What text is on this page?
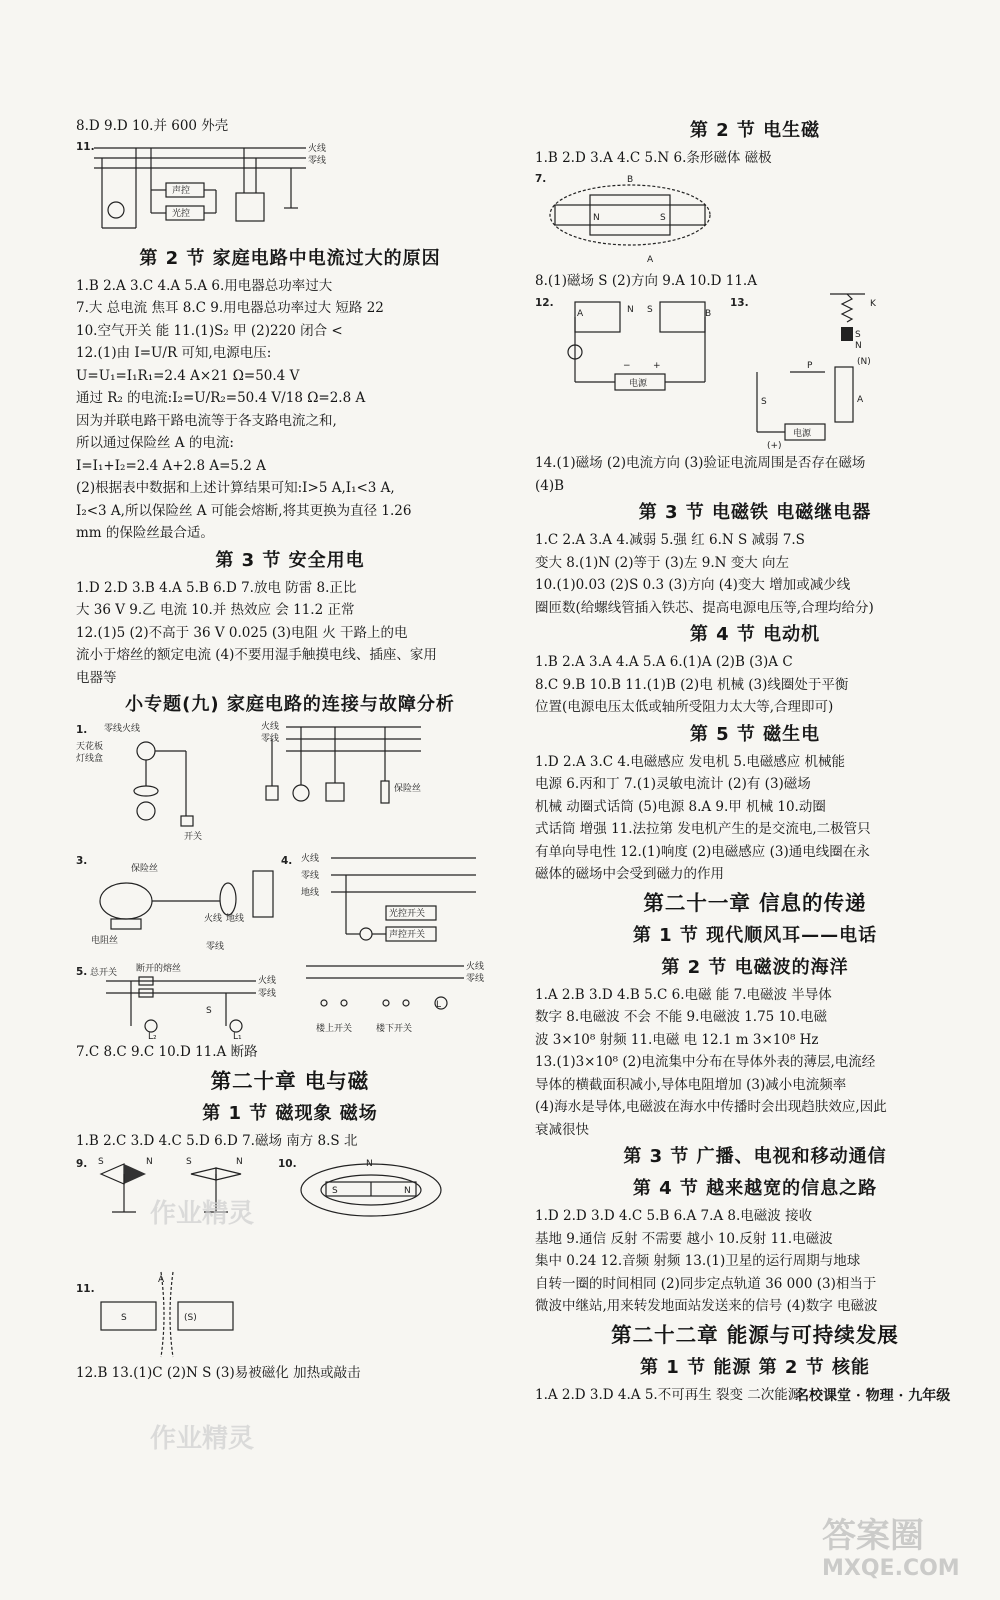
8.D 9.D 10.并 600 外壳
11.	火线
零线
声控
光控
第 2 节 家庭电路中电流过大的原因
1.B 2.A 3.C 4.A 5.A 6.用电器总功率过大
7.大 总电流 焦耳 8.C 9.用电器总功率过大 短路 22
10.空气开关 能 11.(1)S₂ 甲 (2)220 闭合 <
12.(1)由 I=U/R 可知,电源电压:
U=U₁=I₁R₁=2.4 A×21 Ω=50.4 V
通过 R₂ 的电流:I₂=U/R₂=50.4 V/18 Ω=2.8 A
因为并联电路干路电流等于各支路电流之和,
所以通过保险丝 A 的电流:
I=I₁+I₂=2.4 A+2.8 A=5.2 A
(2)根据表中数据和上述计算结果可知:I>5 A,I₁<3 A,
I₂<3 A,所以保险丝 A 可能会熔断,将其更换为直径 1.26
mm 的保险丝最合适。
第 3 节 安全用电
1.D 2.D 3.B 4.A 5.B 6.D 7.放电 防雷 8.正比
大 36 V 9.乙 电流 10.并 热效应 会 11.2 正常
12.(1)5 (2)不高于 36 V 0.025 (3)电阻 火 干路上的电
流小于熔丝的额定电流 (4)不要用湿手触摸电线、插座、家用
电器等
小专题(九) 家庭电路的连接与故障分析
1. 零线火线
天花板
灯线盒
开关
火线
零线
保险丝
3.
保险丝
电阻丝
火线 地线
零线
4. 火线
零线
地线
光控开关
声控开关
5. 总开关 断开的熔丝
火线
零线
S
L₂	L₁
火线
零线
L
楼上开关	楼下开关
7.C 8.C 9.C 10.D 11.A 断路
第二十章 电与磁
第 1 节 磁现象 磁场
1.B 2.C 3.D 4.C 5.D 6.D 7.磁场 南方 8.S 北
9. S	N	S	N	10.
S	N
N
11.
S	(S)
A
12.B 13.(1)C (2)N S (3)易被磁化 加热或敲击
第 2 节 电生磁
1.B 2.D 3.A 4.C 5.N 6.条形磁体 磁极
7.
N	S
B
A
8.(1)磁场 S (2)方向 9.A 10.D 11.A
12.
A	B
N S
电源
− +
13.	K
S
N
(N)
A
P
S
电源
(+)
14.(1)磁场 (2)电流方向 (3)验证电流周围是否存在磁场
(4)B
第 3 节 电磁铁 电磁继电器
1.C 2.A 3.A 4.减弱 5.强 红 6.N S 减弱 7.S
变大 8.(1)N (2)等于 (3)左 9.N 变大 向左
10.(1)0.03 (2)S 0.3 (3)方向 (4)变大 增加或减少线
圈匝数(给螺线管插入铁芯、提高电源电压等,合理均给分)
第 4 节 电动机
1.B 2.A 3.A 4.A 5.A 6.(1)A (2)B (3)A C
8.C 9.B 10.B 11.(1)B (2)电 机械 (3)线圈处于平衡
位置(电源电压太低或轴所受阻力太大等,合理即可)
第 5 节 磁生电
1.D 2.A 3.C 4.电磁感应 发电机 5.电磁感应 机械能
电源 6.丙和丁 7.(1)灵敏电流计 (2)有 (3)磁场
机械 动圈式话筒 (5)电源 8.A 9.甲 机械 10.动圈
式话筒 增强 11.法拉第 发电机产生的是交流电,二极管只
有单向导电性 12.(1)响度 (2)电磁感应 (3)通电线圈在永
磁体的磁场中会受到磁力的作用
第二十一章 信息的传递
第 1 节 现代顺风耳——电话
第 2 节 电磁波的海洋
1.A 2.B 3.D 4.B 5.C 6.电磁 能 7.电磁波 半导体
数字 8.电磁波 不会 不能 9.电磁波 1.75 10.电磁
波 3×10⁸ 射频 11.电磁 电 12.1 m 3×10⁸ Hz
13.(1)3×10⁸ (2)电流集中分布在导体外表的薄层,电流经
导体的横截面积减小,导体电阻增加 (3)减小电流频率
(4)海水是导体,电磁波在海水中传播时会出现趋肤效应,因此
衰减很快
第 3 节 广播、电视和移动通信
第 4 节 越来越宽的信息之路
1.D 2.D 3.D 4.C 5.B 6.A 7.A 8.电磁波 接收
基地 9.通信 反射 不需要 越小 10.反射 11.电磁波
集中 0.24 12.音频 射频 13.(1)卫星的运行周期与地球
自转一圈的时间相同 (2)同步定点轨道 36 000 (3)相当于
微波中继站,用来转发地面站发送来的信号 (4)数字 电磁波
第二十二章 能源与可持续发展
第 1 节 能源 第 2 节 核能
1.A 2.D 3.D 4.A 5.不可再生 裂变 二次能源
名校课堂 · 物理 · 九年级
作业精灵
作业精灵
答案圈
MXQE.COM
